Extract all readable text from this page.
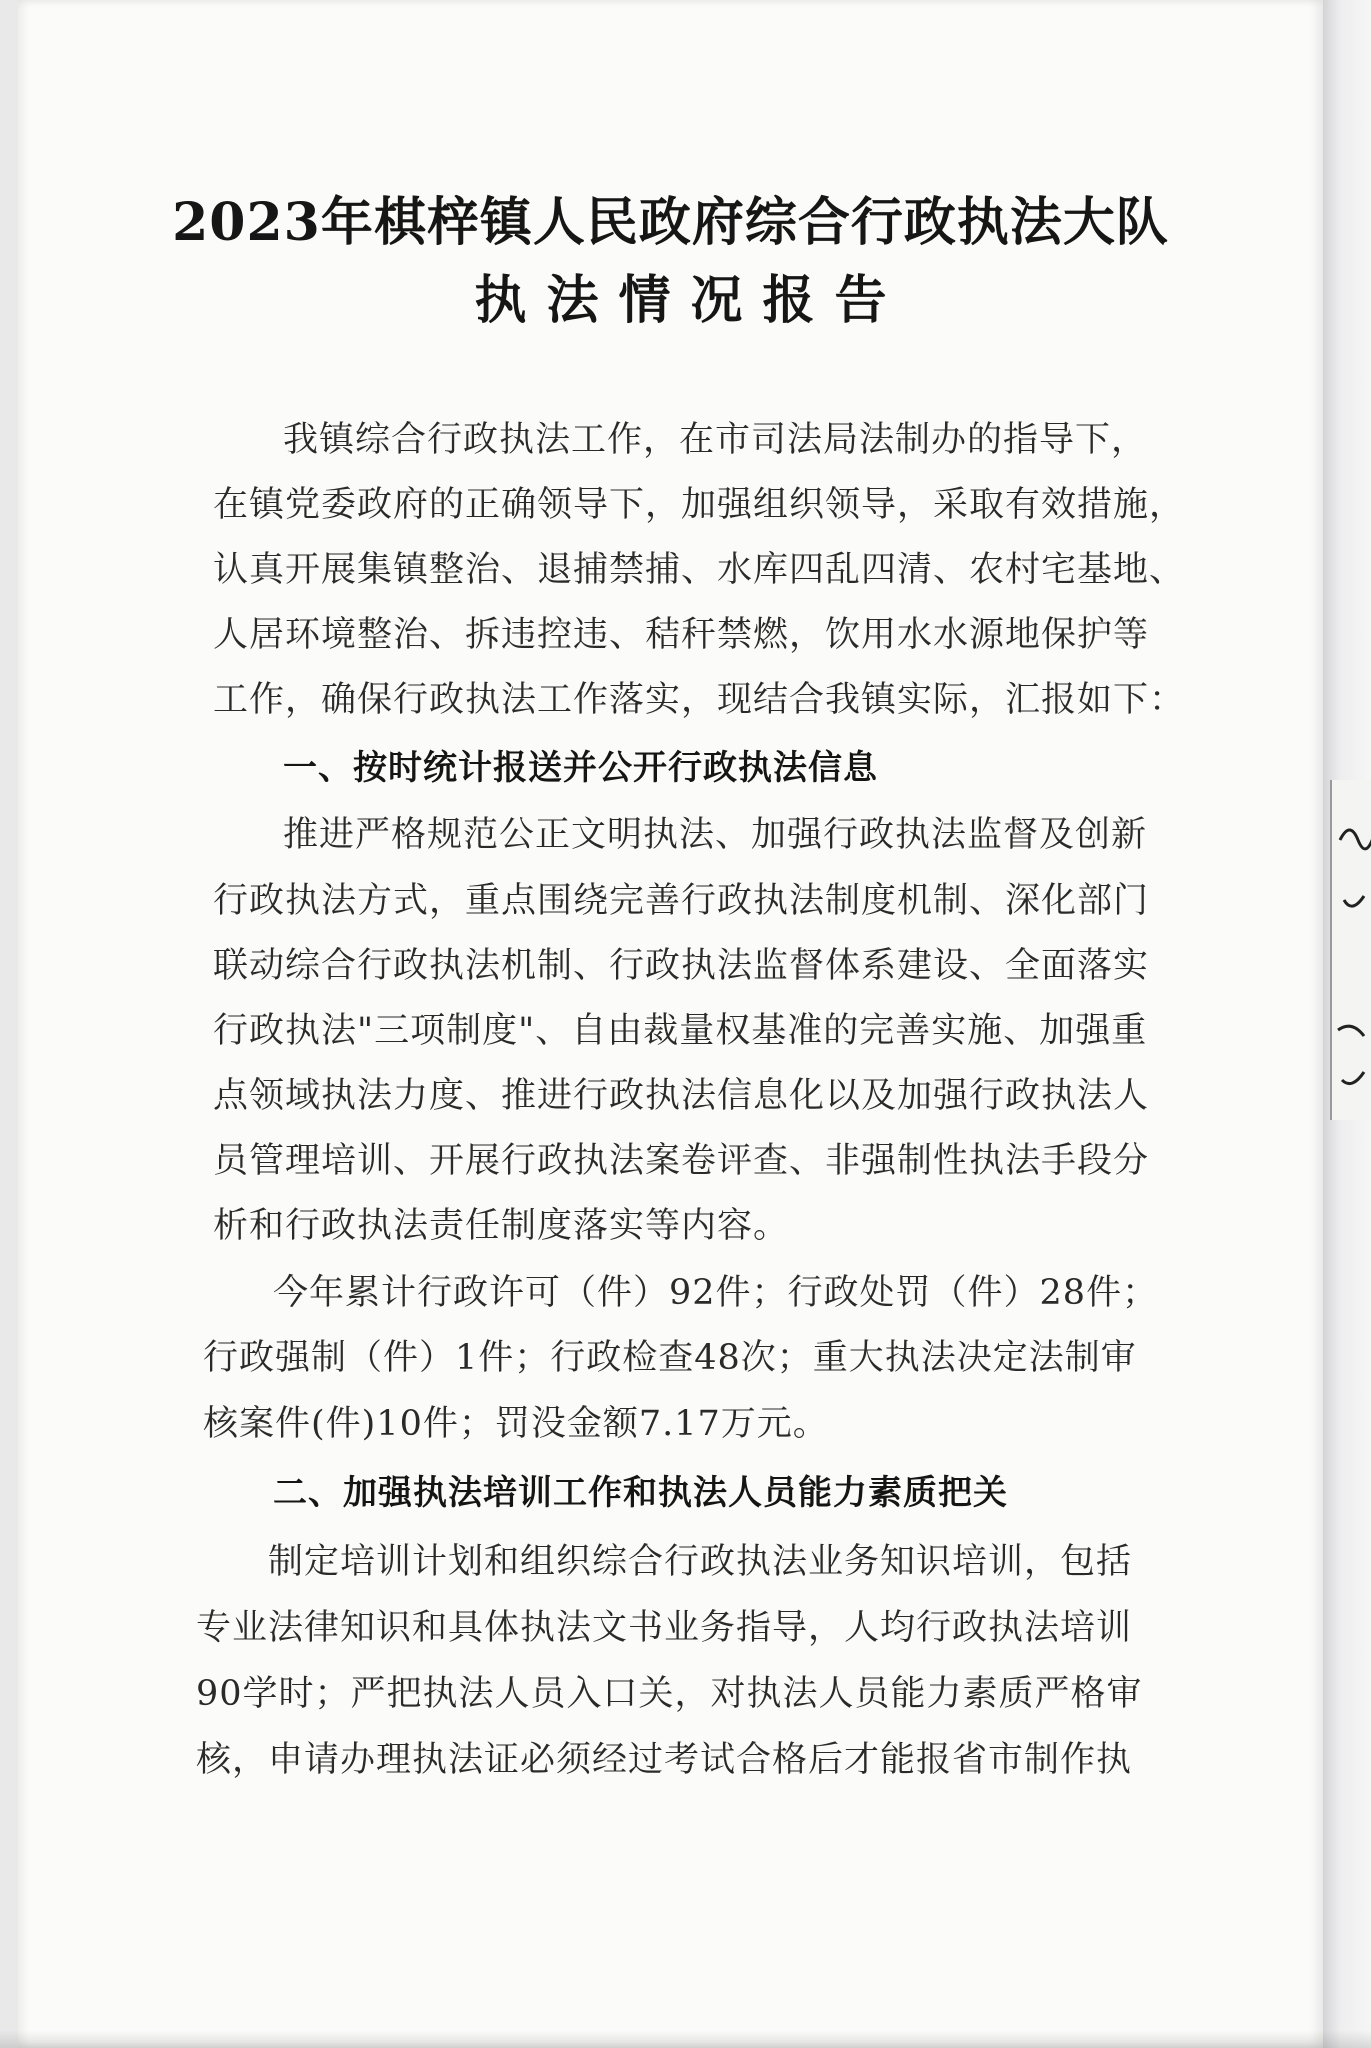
2023年棋梓镇人民政府综合行政执法大队
执法情况报告
我镇综合行政执法工作，在市司法局法制办的指导下，
在镇党委政府的正确领导下，加强组织领导，采取有效措施，
认真开展集镇整治、退捕禁捕、水库四乱四清、农村宅基地、
人居环境整治、拆违控违、秸秆禁燃，饮用水水源地保护等
工作，确保行政执法工作落实，现结合我镇实际，汇报如下：
一、按时统计报送并公开行政执法信息
推进严格规范公正文明执法、加强行政执法监督及创新
行政执法方式，重点围绕完善行政执法制度机制、深化部门
联动综合行政执法机制、行政执法监督体系建设、全面落实
行政执法"三项制度"、自由裁量权基准的完善实施、加强重
点领域执法力度、推进行政执法信息化以及加强行政执法人
员管理培训、开展行政执法案卷评查、非强制性执法手段分
析和行政执法责任制度落实等内容。
今年累计行政许可（件）92件；行政处罚（件）28件；
行政强制（件）1件；行政检查48次；重大执法决定法制审
核案件(件)10件；罚没金额7.17万元。
二、加强执法培训工作和执法人员能力素质把关
制定培训计划和组织综合行政执法业务知识培训，包括
专业法律知识和具体执法文书业务指导，人均行政执法培训
90学时；严把执法人员入口关，对执法人员能力素质严格审
核，申请办理执法证必须经过考试合格后才能报省市制作执
